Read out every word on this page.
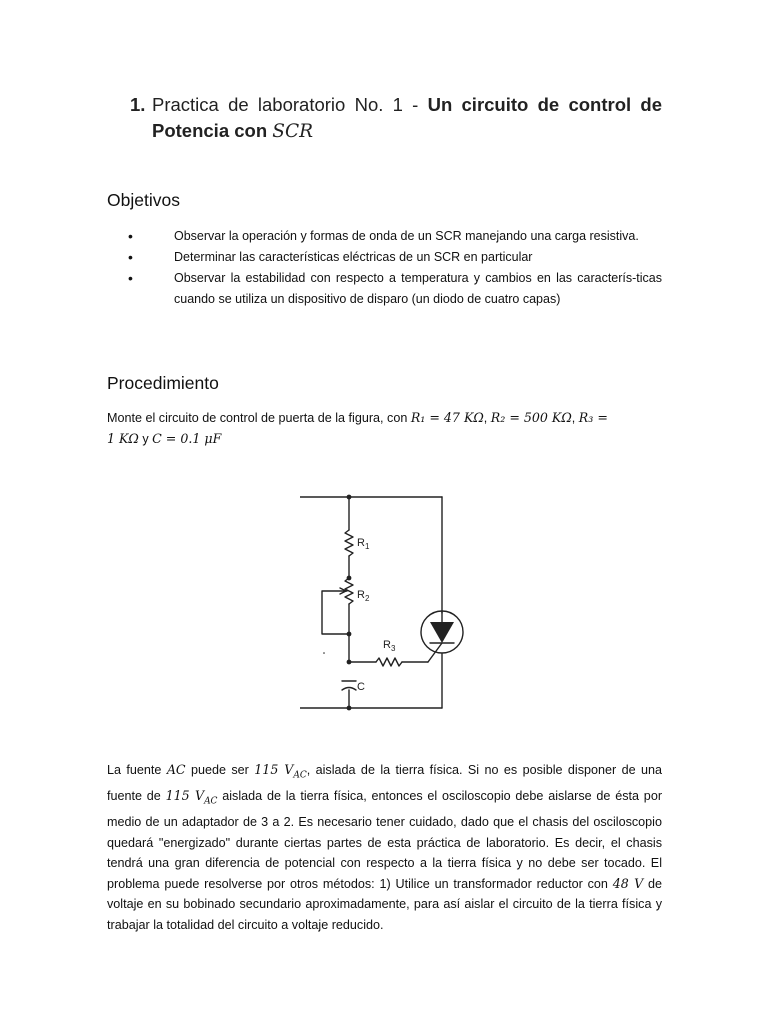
1. Practica de laboratorio No. 1 - Un circuito de control de
Potencia con SCR
Objetivos
•	Observar la operación y formas de onda de un SCR manejando una carga resistiva.
•	Determinar las características eléctricas de un SCR en particular
•	Observar la estabilidad con respecto a temperatura y cambios en las caracterís-ticas cuando se utiliza un dispositivo de disparo (un diodo de cuatro capas)
Procedimiento
Monte el circuito de control de puerta de la figura, con R₁ = 47 KΩ, R₂ = 500 KΩ, R₃ =
1 KΩ y C = 0.1 μF
$R_1$
$R_2$
$R_3$
C
La fuente AC puede ser 115 $V_{AC}$, aislada de la tierra física. Si no es posible disponer de una fuente de 115 $V_{AC}$ aislada de la tierra física, entonces el osciloscopio debe aislarse de ésta por medio de un adaptador de 3 a 2. Es necesario tener cuidado, dado que el chasis del osciloscopio quedará "energizado" durante ciertas partes de esta práctica de laboratorio. Es decir, el chasis tendrá una gran diferencia de potencial con respecto a la tierra física y no debe ser tocado. El problema puede resolverse por otros métodos: 1) Utilice un transformador reductor con 48 V de voltaje en su bobinado secundario aproximadamente, para así aislar el circuito de la tierra física y trabajar la totalidad del circuito a voltaje reducido.
